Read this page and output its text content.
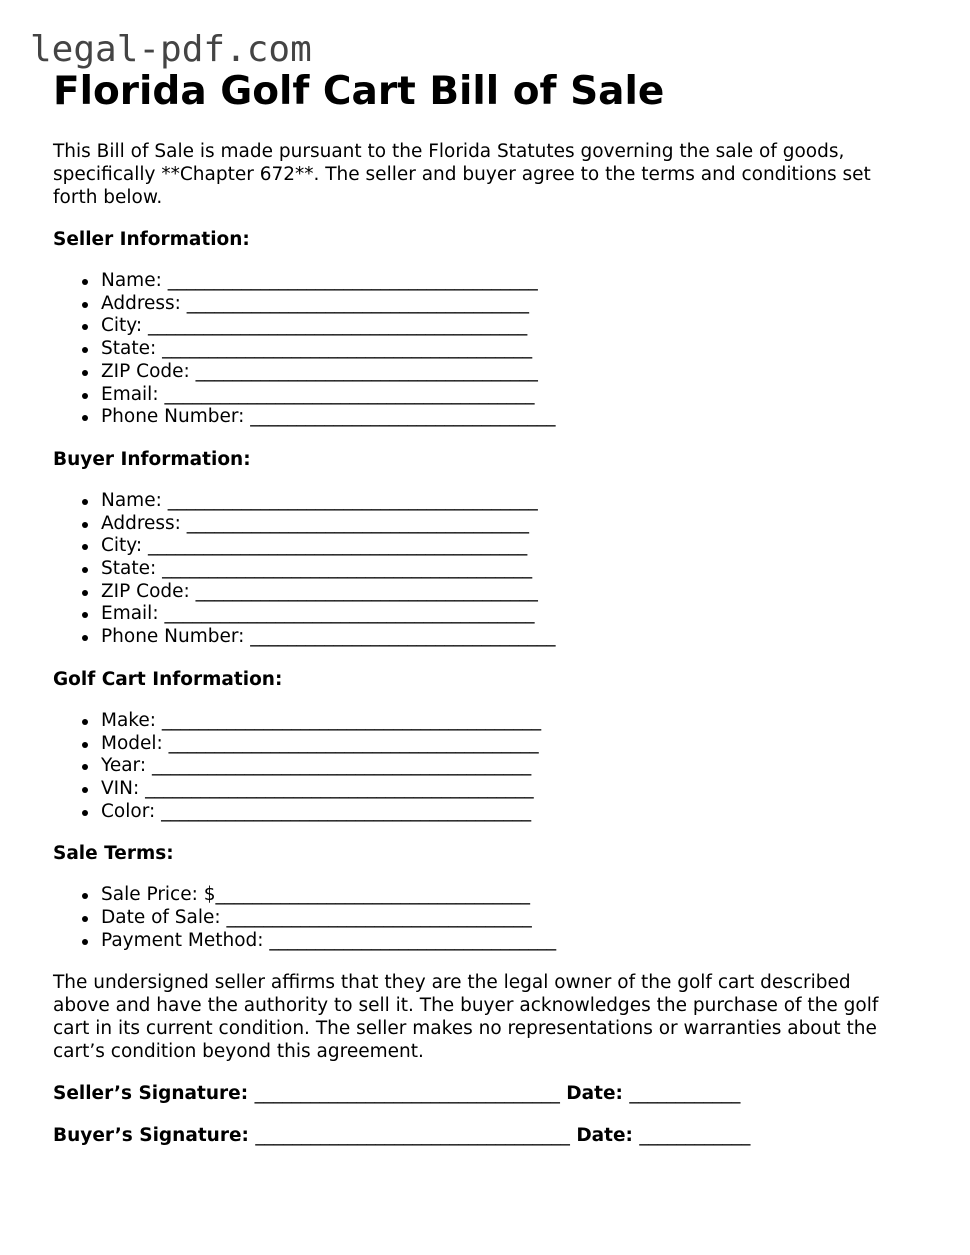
legal-pdf.com
Florida Golf Cart Bill of Sale

This Bill of Sale is made pursuant to the Florida Statutes governing the sale of goods, specifically **Chapter 672**. The seller and buyer agree to the terms and conditions set forth below.

Seller Information:
Name: ________________________________________
Address: _____________________________________
City: _________________________________________
State: ________________________________________
ZIP Code: _____________________________________
Email: ________________________________________
Phone Number: _________________________________
Buyer Information:
Name: ________________________________________
Address: _____________________________________
City: _________________________________________
State: ________________________________________
ZIP Code: _____________________________________
Email: ________________________________________
Phone Number: _________________________________
Golf Cart Information:
Make: _________________________________________
Model: ________________________________________
Year: _________________________________________
VIN: __________________________________________
Color: ________________________________________
Sale Terms:
Sale Price: $__________________________________
Date of Sale: _________________________________
Payment Method: _______________________________

The undersigned seller affirms that they are the legal owner of the golf cart described above and have the authority to sell it. The buyer acknowledges the purchase of the golf cart in its current condition. The seller makes no representations or warranties about the cart’s condition beyond this agreement.

Seller’s Signature: _________________________________ Date: ____________
Buyer’s Signature: __________________________________ Date: ____________
